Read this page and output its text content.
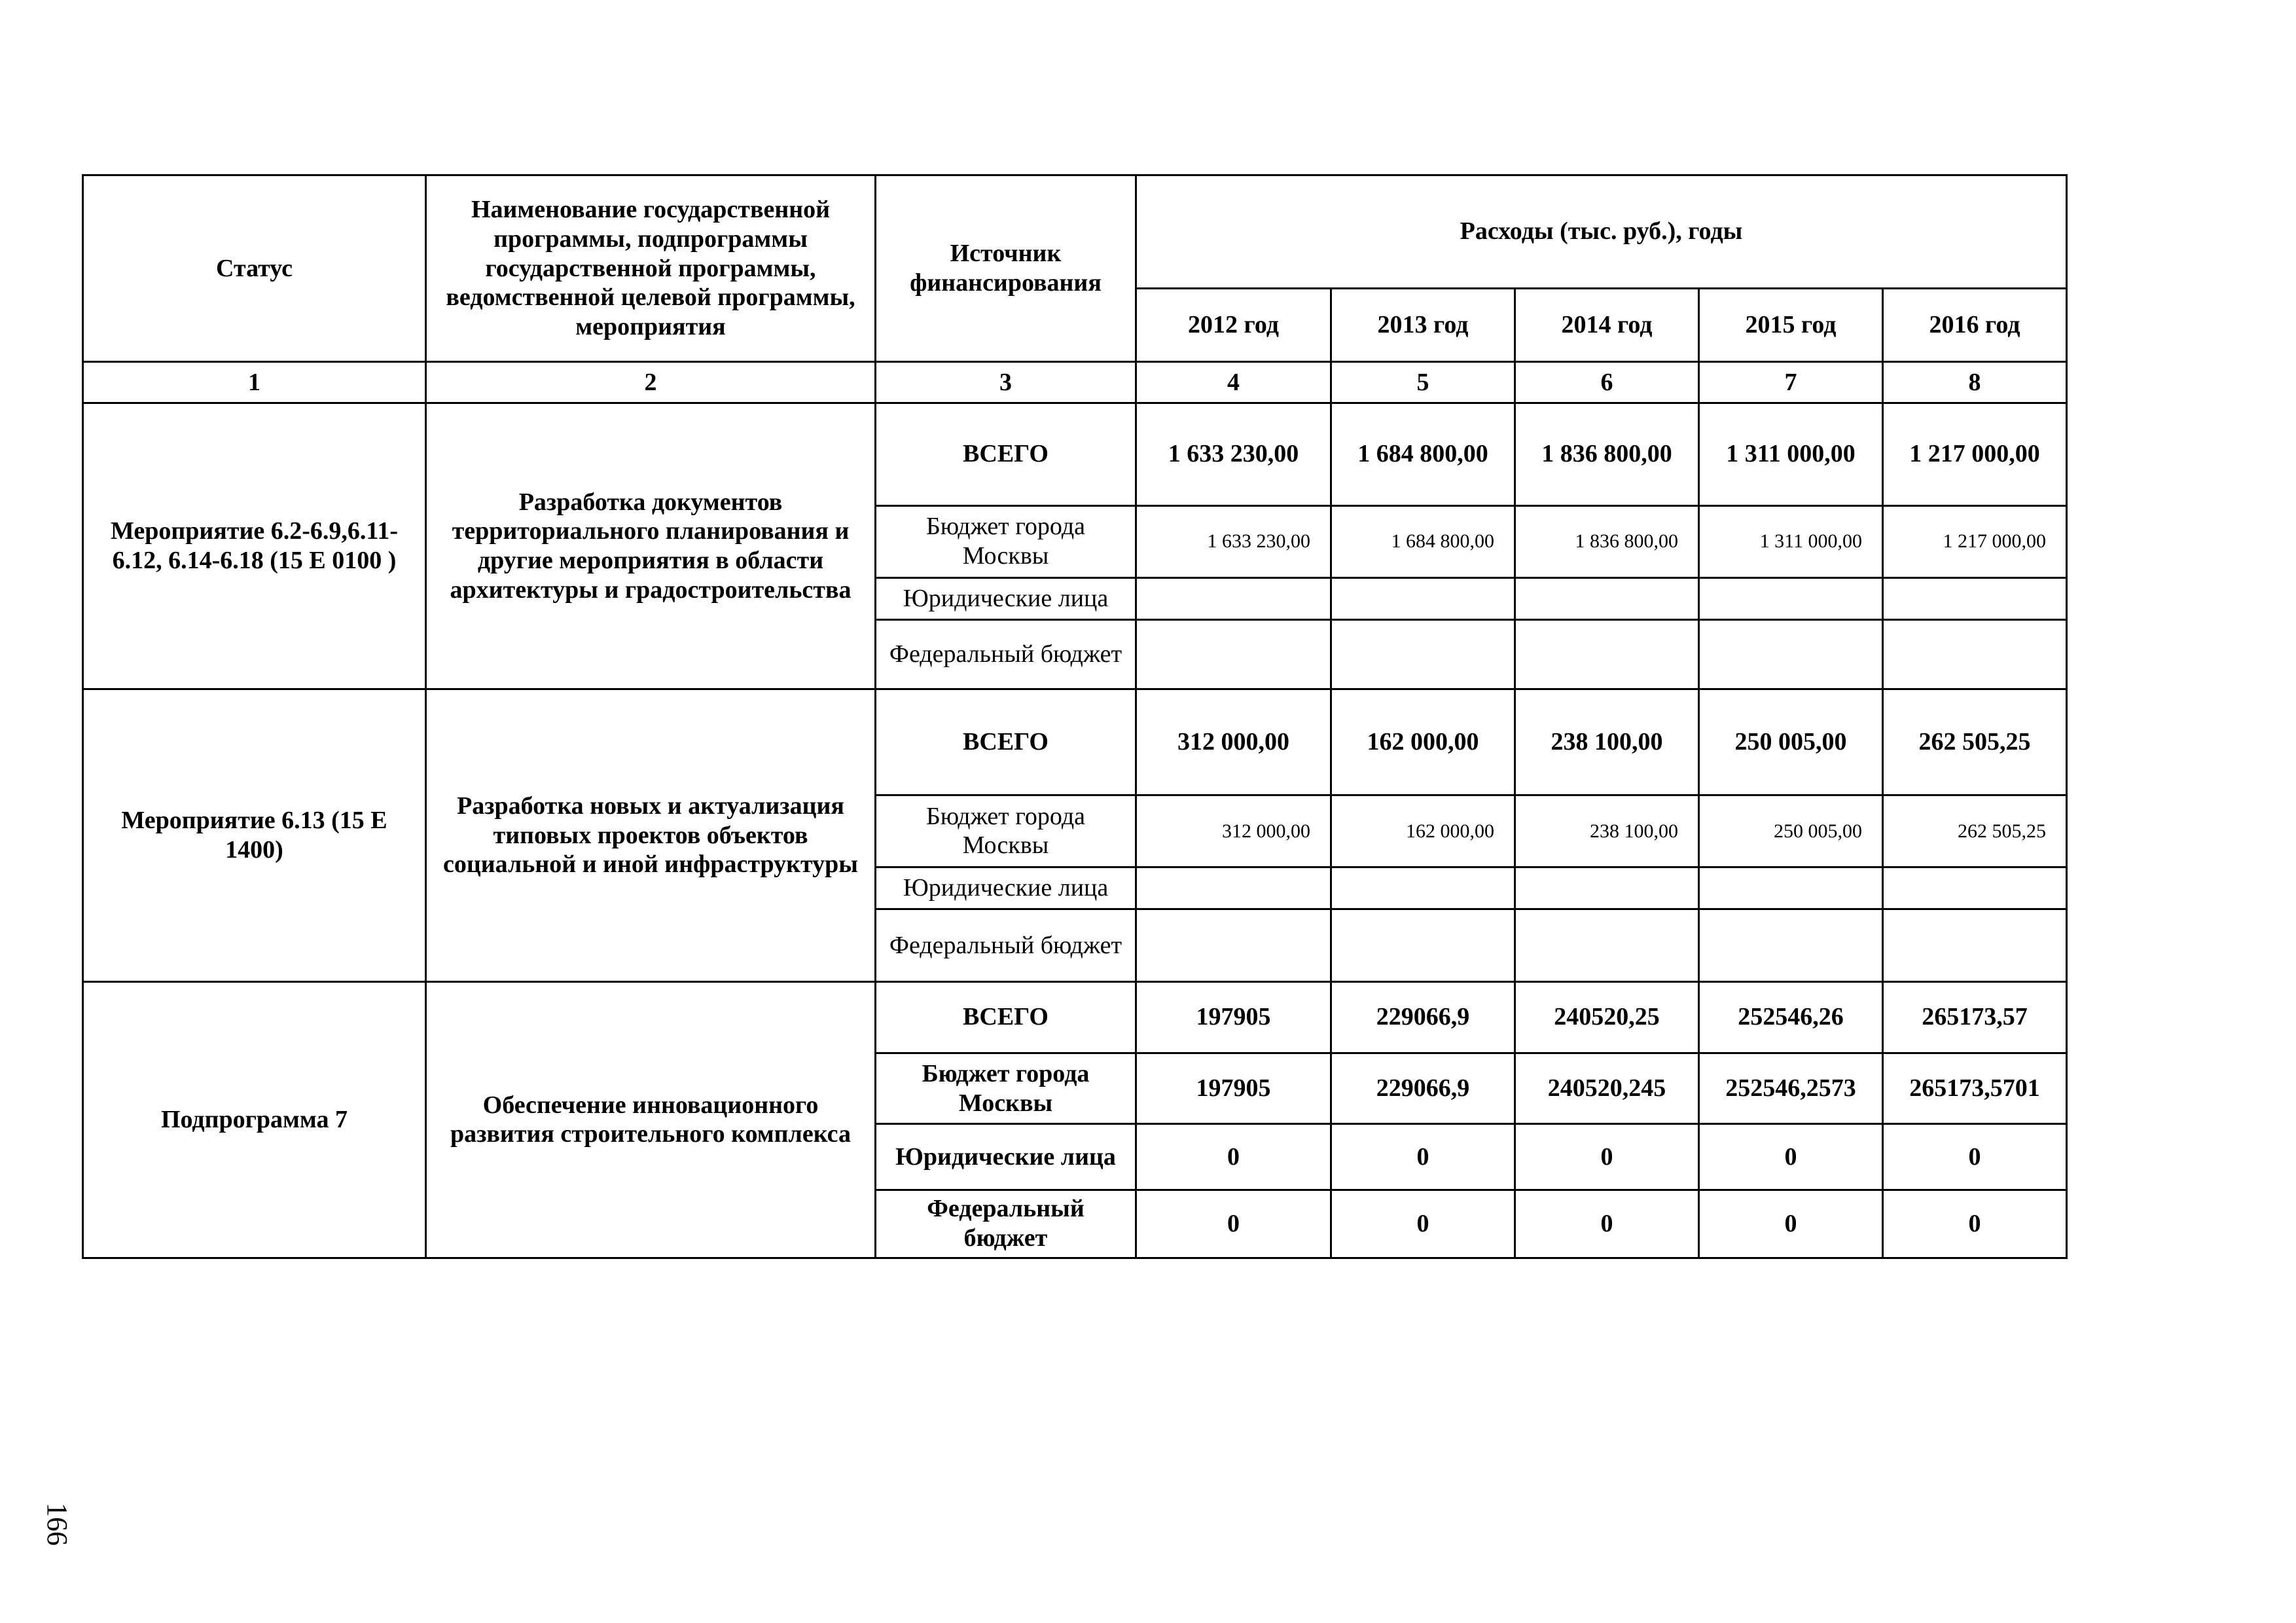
Статус	Наименование государственной программы, подпрограммы государственной программы, ведомственной целевой программы, мероприятия	Источник финансирования	Расходы (тыс. руб.), годы				
			2012 год	2013 год	2014 год	2015 год	2016 год
1	2	3	4	5	6	7	8
Мероприятие 6.2-6.9,6.11-6.12, 6.14-6.18 (15 Е 0100 )	Разработка документов территориального планирования и другие мероприятия в области архитектуры и градостроительства	ВСЕГО	1 633 230,00	1 684 800,00	1 836 800,00	1 311 000,00	1 217 000,00
		Бюджет города Москвы	1 633 230,00	1 684 800,00	1 836 800,00	1 311 000,00	1 217 000,00
		Юридические лица					
		Федеральный бюджет					
Мероприятие 6.13 (15 Е 1400)	Разработка новых и актуализация типовых проектов объектов социальной и иной инфраструктуры	ВСЕГО	312 000,00	162 000,00	238 100,00	250 005,00	262 505,25
		Бюджет города Москвы	312 000,00	162 000,00	238 100,00	250 005,00	262 505,25
		Юридические лица					
		Федеральный бюджет					
Подпрограмма 7	Обеспечение инновационного развития строительного комплекса	ВСЕГО	197905	229066,9	240520,25	252546,26	265173,57
		Бюджет города Москвы	197905	229066,9	240520,245	252546,2573	265173,5701
		Юридические лица	0	0	0	0	0
		Федеральный бюджет	0	0	0	0	0
166
